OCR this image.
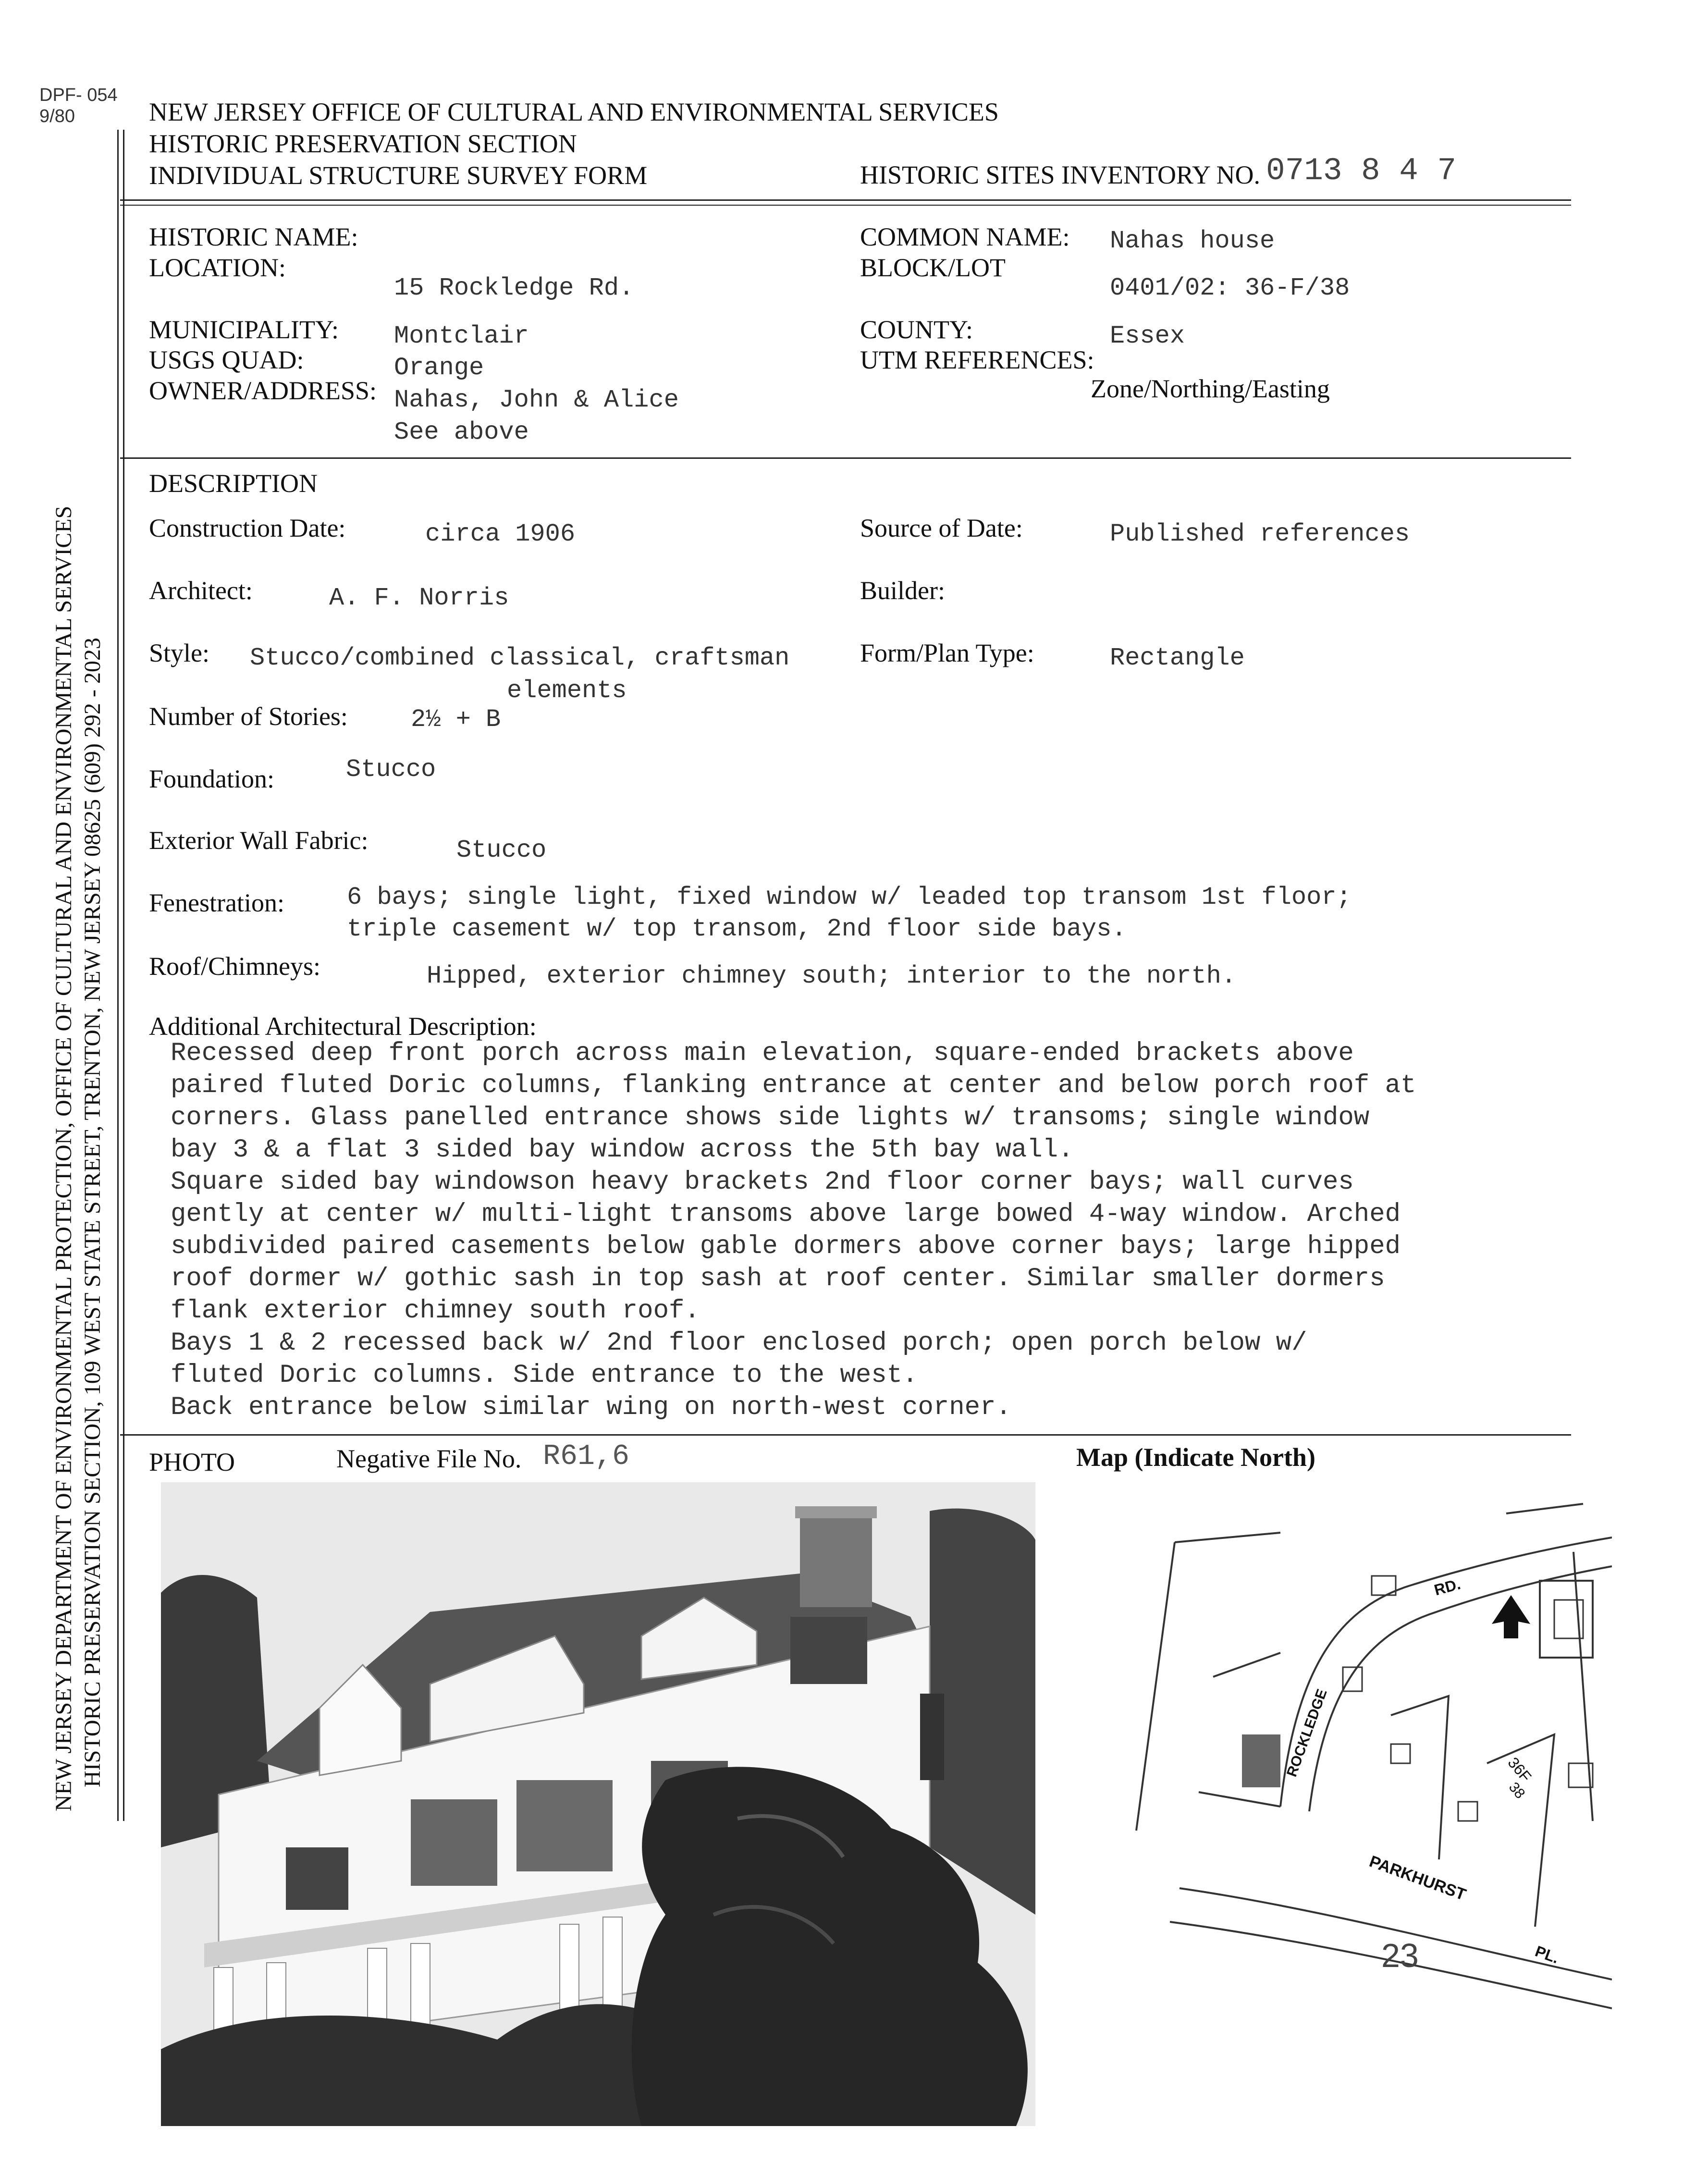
DPF- 054
9/80
NEW JERSEY DEPARTMENT OF ENVIRONMENTAL PROTECTION, OFFICE OF CULTURAL AND ENVIRONMENTAL SERVICES HISTORIC PRESERVATION SECTION, 109 WEST STATE STREET, TRENTON, NEW JERSEY 08625 (609) 292 - 2023
NEW JERSEY OFFICE OF CULTURAL AND ENVIRONMENTAL SERVICES
HISTORIC PRESERVATION SECTION
INDIVIDUAL STRUCTURE SURVEY FORM	HISTORIC SITES INVENTORY NO. 0713 8 4 7
HISTORIC NAME:
LOCATION:
15 Rockledge Rd.
MUNICIPALITY: Montclair
USGS QUAD:	Orange
OWNER/ADDRESS: Nahas, John & Alice
See above
COMMON NAME: Nahas house
BLOCK/LOT
0401/02: 36-F/38
COUNTY:	Essex
UTM REFERENCES:
Zone/Northing/Easting
DESCRIPTION
Construction Date:	circa 1906	Source of Date:	Published references
Architect:	A. F. Norris	Builder:
Style: Stucco/combined classical, craftsman
elements
Form/Plan Type:	Rectangle
Number of Stories:	2½ + B
Foundation:	Stucco
Exterior Wall Fabric:	Stucco
Fenestration:	6 bays; single light, fixed window w/ leaded top transom 1st floor;
triple casement w/ top transom, 2nd floor side bays.
Roof/Chimneys:	Hipped, exterior chimney south; interior to the north.
Additional Architectural Description:
Recessed deep front porch across main elevation, square-ended brackets above
paired fluted Doric columns, flanking entrance at center and below porch roof at
corners. Glass panelled entrance shows side lights w/ transoms; single window
bay 3 & a flat 3 sided bay window across the 5th bay wall.
Square sided bay windowson heavy brackets 2nd floor corner bays; wall curves
gently at center w/ multi-light transoms above large bowed 4-way window. Arched
subdivided paired casements below gable dormers above corner bays; large hipped
roof dormer w/ gothic sash in top sash at roof center. Similar smaller dormers
flank exterior chimney south roof.
Bays 1 & 2 recessed back w/ 2nd floor enclosed porch; open porch below w/
fluted Doric columns. Side entrance to the west.
Back entrance below similar wing on north-west corner.
PHOTO	Negative File No. R61,6	Map (Indicate North)
RD.
ROCKLEDGE
PARKHURST
PL.
36F
38
23
